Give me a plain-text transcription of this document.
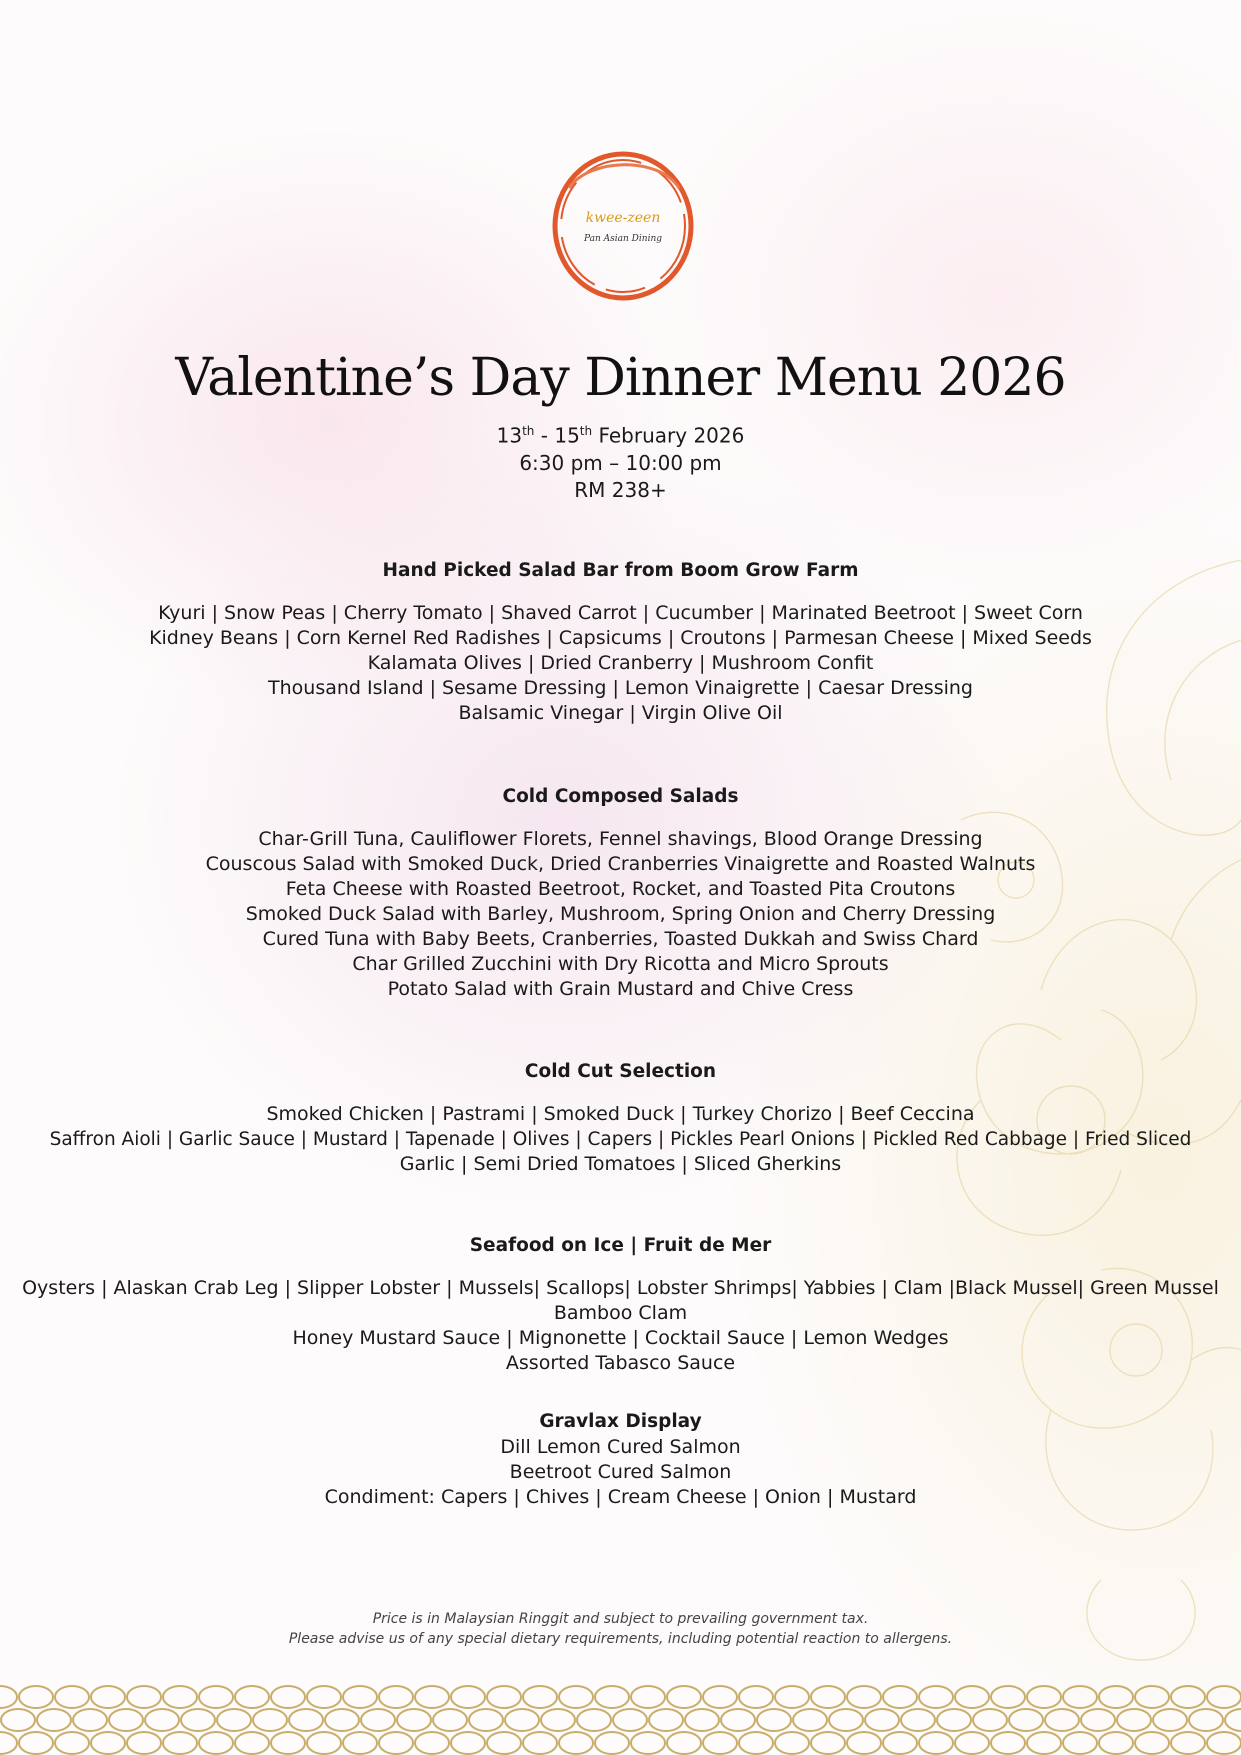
kwee-zeen
Pan Asian Dining
Valentine’s Day Dinner Menu 2026
13th - 15th February 2026
6:30 pm – 10:00 pm
RM 238+
Hand Picked Salad Bar from Boom Grow Farm
Kyuri | Snow Peas | Cherry Tomato | Shaved Carrot | Cucumber | Marinated Beetroot | Sweet Corn
Kidney Beans | Corn Kernel Red Radishes | Capsicums | Croutons | Parmesan Cheese | Mixed Seeds
Kalamata Olives | Dried Cranberry | Mushroom Confit
Thousand Island | Sesame Dressing | Lemon Vinaigrette | Caesar Dressing
Balsamic Vinegar | Virgin Olive Oil
Cold Composed Salads
Char-Grill Tuna, Cauliflower Florets, Fennel shavings, Blood Orange Dressing
Couscous Salad with Smoked Duck, Dried Cranberries Vinaigrette and Roasted Walnuts
Feta Cheese with Roasted Beetroot, Rocket, and Toasted Pita Croutons
Smoked Duck Salad with Barley, Mushroom, Spring Onion and Cherry Dressing
Cured Tuna with Baby Beets, Cranberries, Toasted Dukkah and Swiss Chard
Char Grilled Zucchini with Dry Ricotta and Micro Sprouts
Potato Salad with Grain Mustard and Chive Cress
Cold Cut Selection
Smoked Chicken | Pastrami | Smoked Duck | Turkey Chorizo | Beef Ceccina
Saffron Aioli | Garlic Sauce | Mustard | Tapenade | Olives | Capers | Pickles Pearl Onions | Pickled Red Cabbage | Fried Sliced
Garlic | Semi Dried Tomatoes | Sliced Gherkins
Seafood on Ice | Fruit de Mer
Oysters | Alaskan Crab Leg | Slipper Lobster | Mussels| Scallops| Lobster Shrimps| Yabbies | Clam |Black Mussel| Green Mussel Bamboo Clam
Honey Mustard Sauce | Mignonette | Cocktail Sauce | Lemon Wedges
Assorted Tabasco Sauce
Gravlax Display
Dill Lemon Cured Salmon
Beetroot Cured Salmon
Condiment: Capers | Chives | Cream Cheese | Onion | Mustard
Price is in Malaysian Ringgit and subject to prevailing government tax.
Please advise us of any special dietary requirements, including potential reaction to allergens.
